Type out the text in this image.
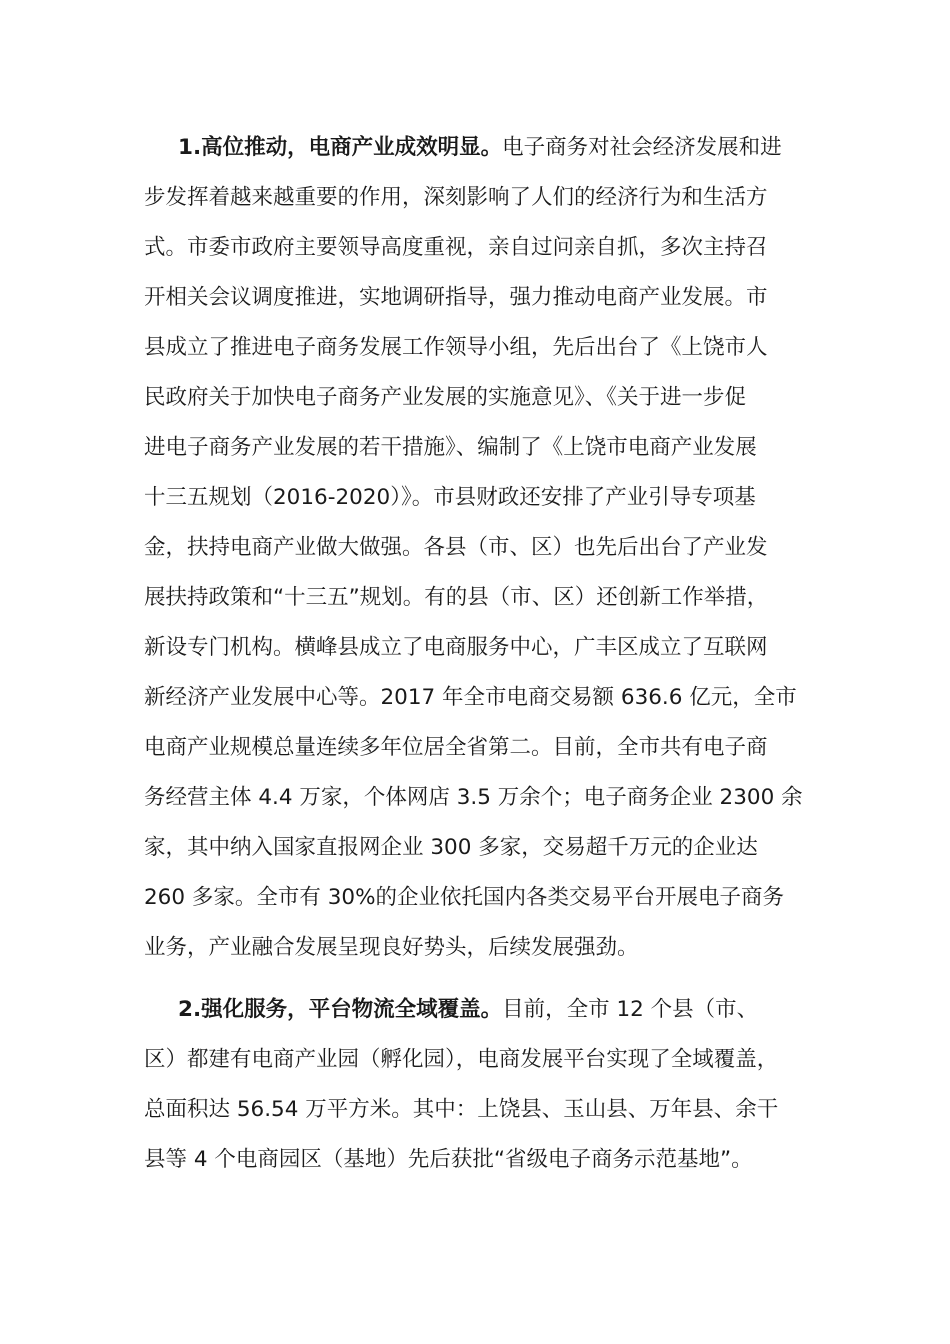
1.高位推动，电商产业成效明显。电子商务对社会经济发展和进
步发挥着越来越重要的作用，深刻影响了人们的经济行为和生活方
式。市委市政府主要领导高度重视，亲自过问亲自抓，多次主持召
开相关会议调度推进，实地调研指导，强力推动电商产业发展。市
县成立了推进电子商务发展工作领导小组，先后出台了《上饶市人
民政府关于加快电子商务产业发展的实施意见》、《关于进一步促
进电子商务产业发展的若干措施》、编制了《上饶市电商产业发展
十三五规划（2016-2020）》。市县财政还安排了产业引导专项基
金，扶持电商产业做大做强。各县（市、区）也先后出台了产业发
展扶持政策和“十三五”规划。有的县（市、区）还创新工作举措，
新设专门机构。横峰县成立了电商服务中心，广丰区成立了互联网
新经济产业发展中心等。2017 年全市电商交易额 636.6 亿元，全市
电商产业规模总量连续多年位居全省第二。目前，全市共有电子商
务经营主体 4.4 万家，个体网店 3.5 万余个；电子商务企业 2300 余
家，其中纳入国家直报网企业 300 多家，交易超千万元的企业达
260 多家。全市有 30%的企业依托国内各类交易平台开展电子商务
业务，产业融合发展呈现良好势头，后续发展强劲。
2.强化服务，平台物流全域覆盖。目前，全市 12 个县（市、
区）都建有电商产业园（孵化园），电商发展平台实现了全域覆盖，
总面积达 56.54 万平方米。其中：上饶县、玉山县、万年县、余干
县等 4 个电商园区（基地）先后获批“省级电子商务示范基地”。
